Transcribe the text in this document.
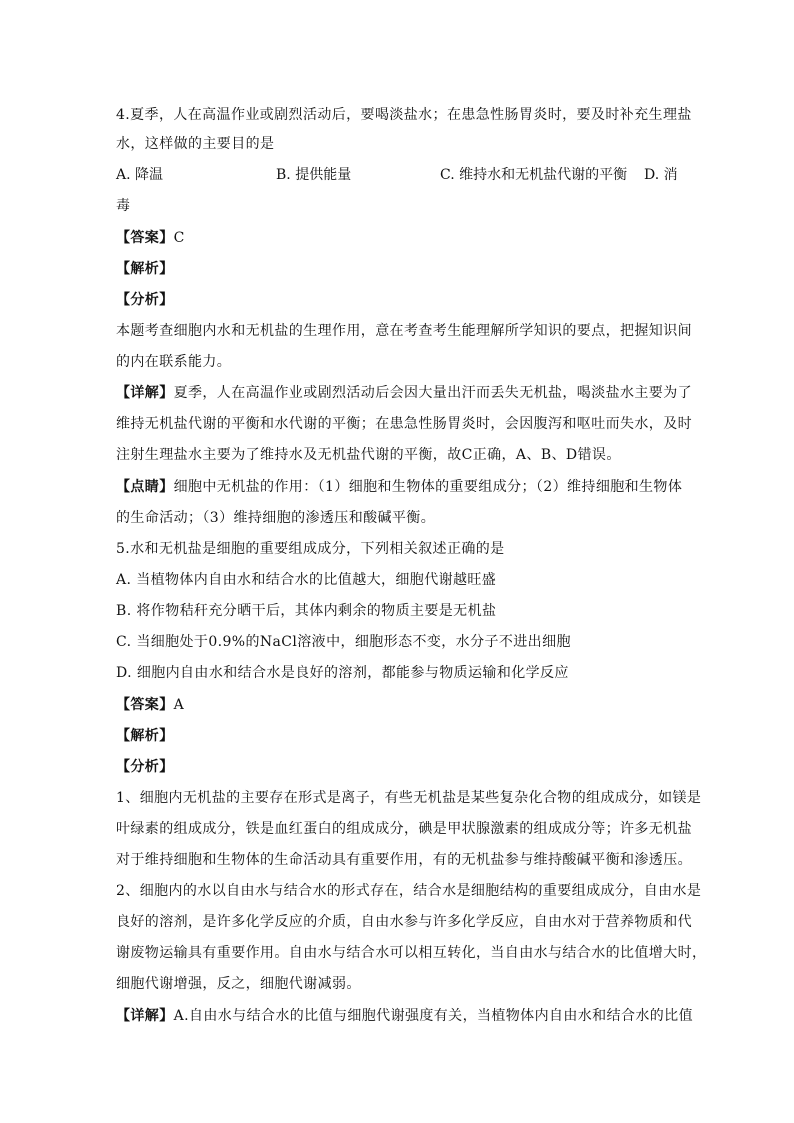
4.夏季，人在高温作业或剧烈活动后，要喝淡盐水；在患急性肠胃炎时，要及时补充生理盐
水，这样做的主要目的是
A. 降温	B. 提供能量	C. 维持水和无机盐代谢的平衡 D. 消
毒
【答案】C
【解析】
【分析】
本题考查细胞内水和无机盐的生理作用，意在考查考生能理解所学知识的要点，把握知识间
的内在联系能力。
【详解】夏季，人在高温作业或剧烈活动后会因大量出汗而丢失无机盐，喝淡盐水主要为了
维持无机盐代谢的平衡和水代谢的平衡；在患急性肠胃炎时，会因腹泻和呕吐而失水，及时
注射生理盐水主要为了维持水及无机盐代谢的平衡，故C正确，A、B、D错误。
【点睛】细胞中无机盐的作用：（1）细胞和生物体的重要组成分；（2）维持细胞和生物体
的生命活动；（3）维持细胞的渗透压和酸碱平衡。
5.水和无机盐是细胞的重要组成成分，下列相关叙述正确的是
A. 当植物体内自由水和结合水的比值越大，细胞代谢越旺盛
B. 将作物秸秆充分晒干后，其体内剩余的物质主要是无机盐
C. 当细胞处于0.9%的NaCl溶液中，细胞形态不变，水分子不进出细胞
D. 细胞内自由水和结合水是良好的溶剂，都能参与物质运输和化学反应
【答案】A
【解析】
【分析】
1、细胞内无机盐的主要存在形式是离子，有些无机盐是某些复杂化合物的组成成分，如镁是
叶绿素的组成成分，铁是血红蛋白的组成成分，碘是甲状腺激素的组成成分等；许多无机盐
对于维持细胞和生物体的生命活动具有重要作用，有的无机盐参与维持酸碱平衡和渗透压。
2、细胞内的水以自由水与结合水的形式存在，结合水是细胞结构的重要组成成分，自由水是
良好的溶剂，是许多化学反应的介质，自由水参与许多化学反应，自由水对于营养物质和代
谢废物运输具有重要作用。自由水与结合水可以相互转化，当自由水与结合水的比值增大时，
细胞代谢增强，反之，细胞代谢减弱。
【详解】A.自由水与结合水的比值与细胞代谢强度有关，当植物体内自由水和结合水的比值
